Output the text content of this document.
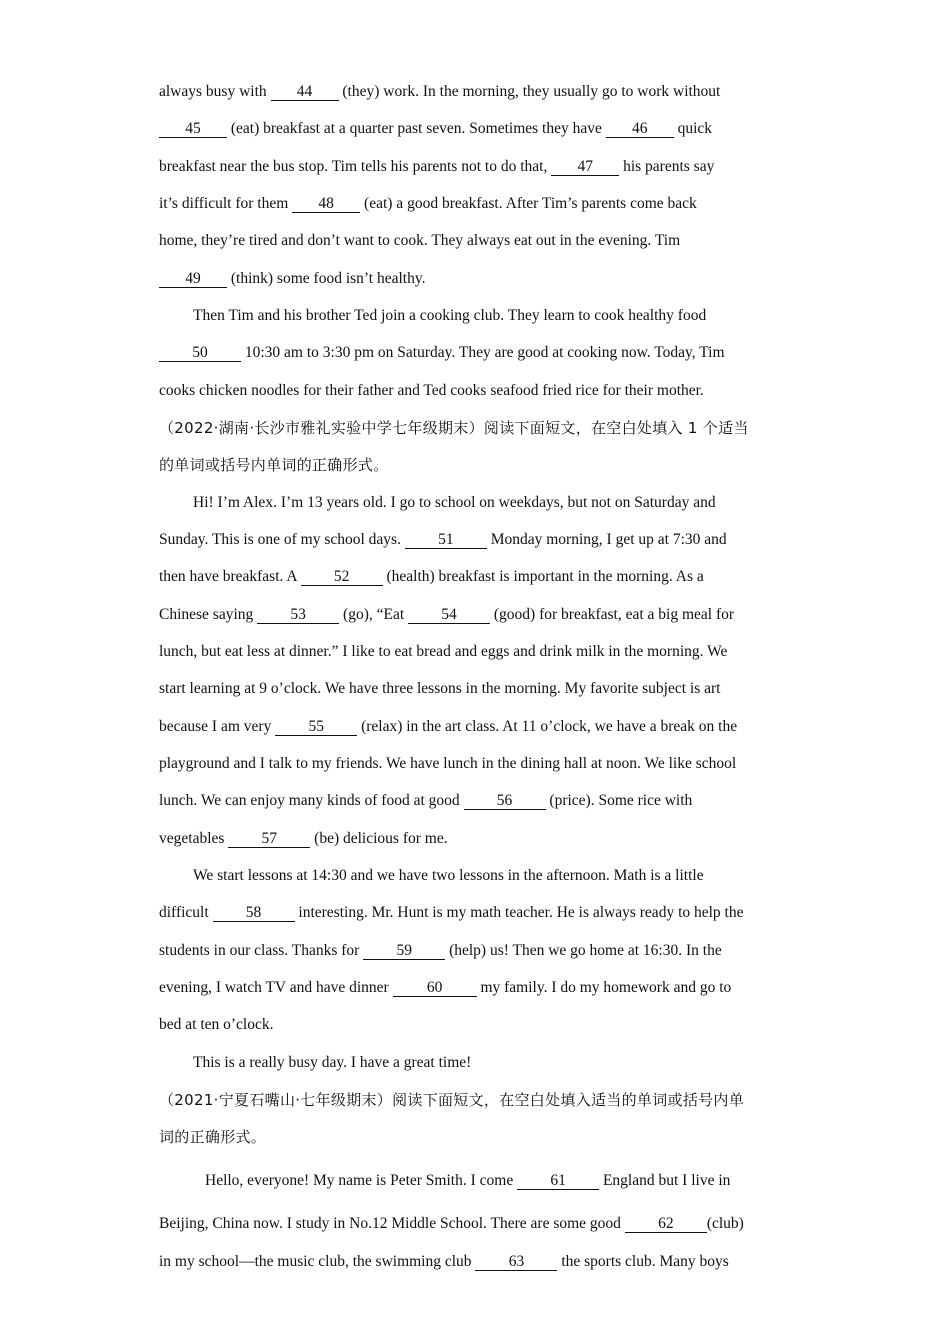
always busy with 44 (they) work. In the morning, they usually go to work without
45 (eat) breakfast at a quarter past seven. Sometimes they have 46 quick
breakfast near the bus stop. Tim tells his parents not to do that, 47 his parents say
it’s difficult for them 48 (eat) a good breakfast. After Tim’s parents come back
home, they’re tired and don’t want to cook. They always eat out in the evening. Tim
49 (think) some food isn’t healthy.
Then Tim and his brother Ted join a cooking club. They learn to cook healthy food
50 10:30 am to 3:30 pm on Saturday. They are good at cooking now. Today, Tim
cooks chicken noodles for their father and Ted cooks seafood fried rice for their mother.
（2022·湖南·长沙市雅礼实验中学七年级期末）阅读下面短文，在空白处填入 1 个适当
的单词或括号内单词的正确形式。
Hi! I’m Alex. I’m 13 years old. I go to school on weekdays, but not on Saturday and
Sunday. This is one of my school days. 51 Monday morning, I get up at 7:30 and
then have breakfast. A 52 (health) breakfast is important in the morning. As a
Chinese saying 53 (go), “Eat 54 (good) for breakfast, eat a big meal for
lunch, but eat less at dinner.” I like to eat bread and eggs and drink milk in the morning. We
start learning at 9 o’clock. We have three lessons in the morning. My favorite subject is art
because I am very 55 (relax) in the art class. At 11 o’clock, we have a break on the
playground and I talk to my friends. We have lunch in the dining hall at noon. We like school
lunch. We can enjoy many kinds of food at good 56 (price). Some rice with
vegetables 57 (be) delicious for me.
We start lessons at 14:30 and we have two lessons in the afternoon. Math is a little
difficult 58 interesting. Mr. Hunt is my math teacher. He is always ready to help the
students in our class. Thanks for 59 (help) us! Then we go home at 16:30. In the
evening, I watch TV and have dinner 60 my family. I do my homework and go to
bed at ten o’clock.
This is a really busy day. I have a great time!
（2021·宁夏石嘴山·七年级期末）阅读下面短文，在空白处填入适当的单词或括号内单
词的正确形式。
Hello, everyone! My name is Peter Smith. I come 61 England but I live in
Beijing, China now. I study in No.12 Middle School. There are some good 62 (club)
in my school—the music club, the swimming club 63 the sports club. Many boys
